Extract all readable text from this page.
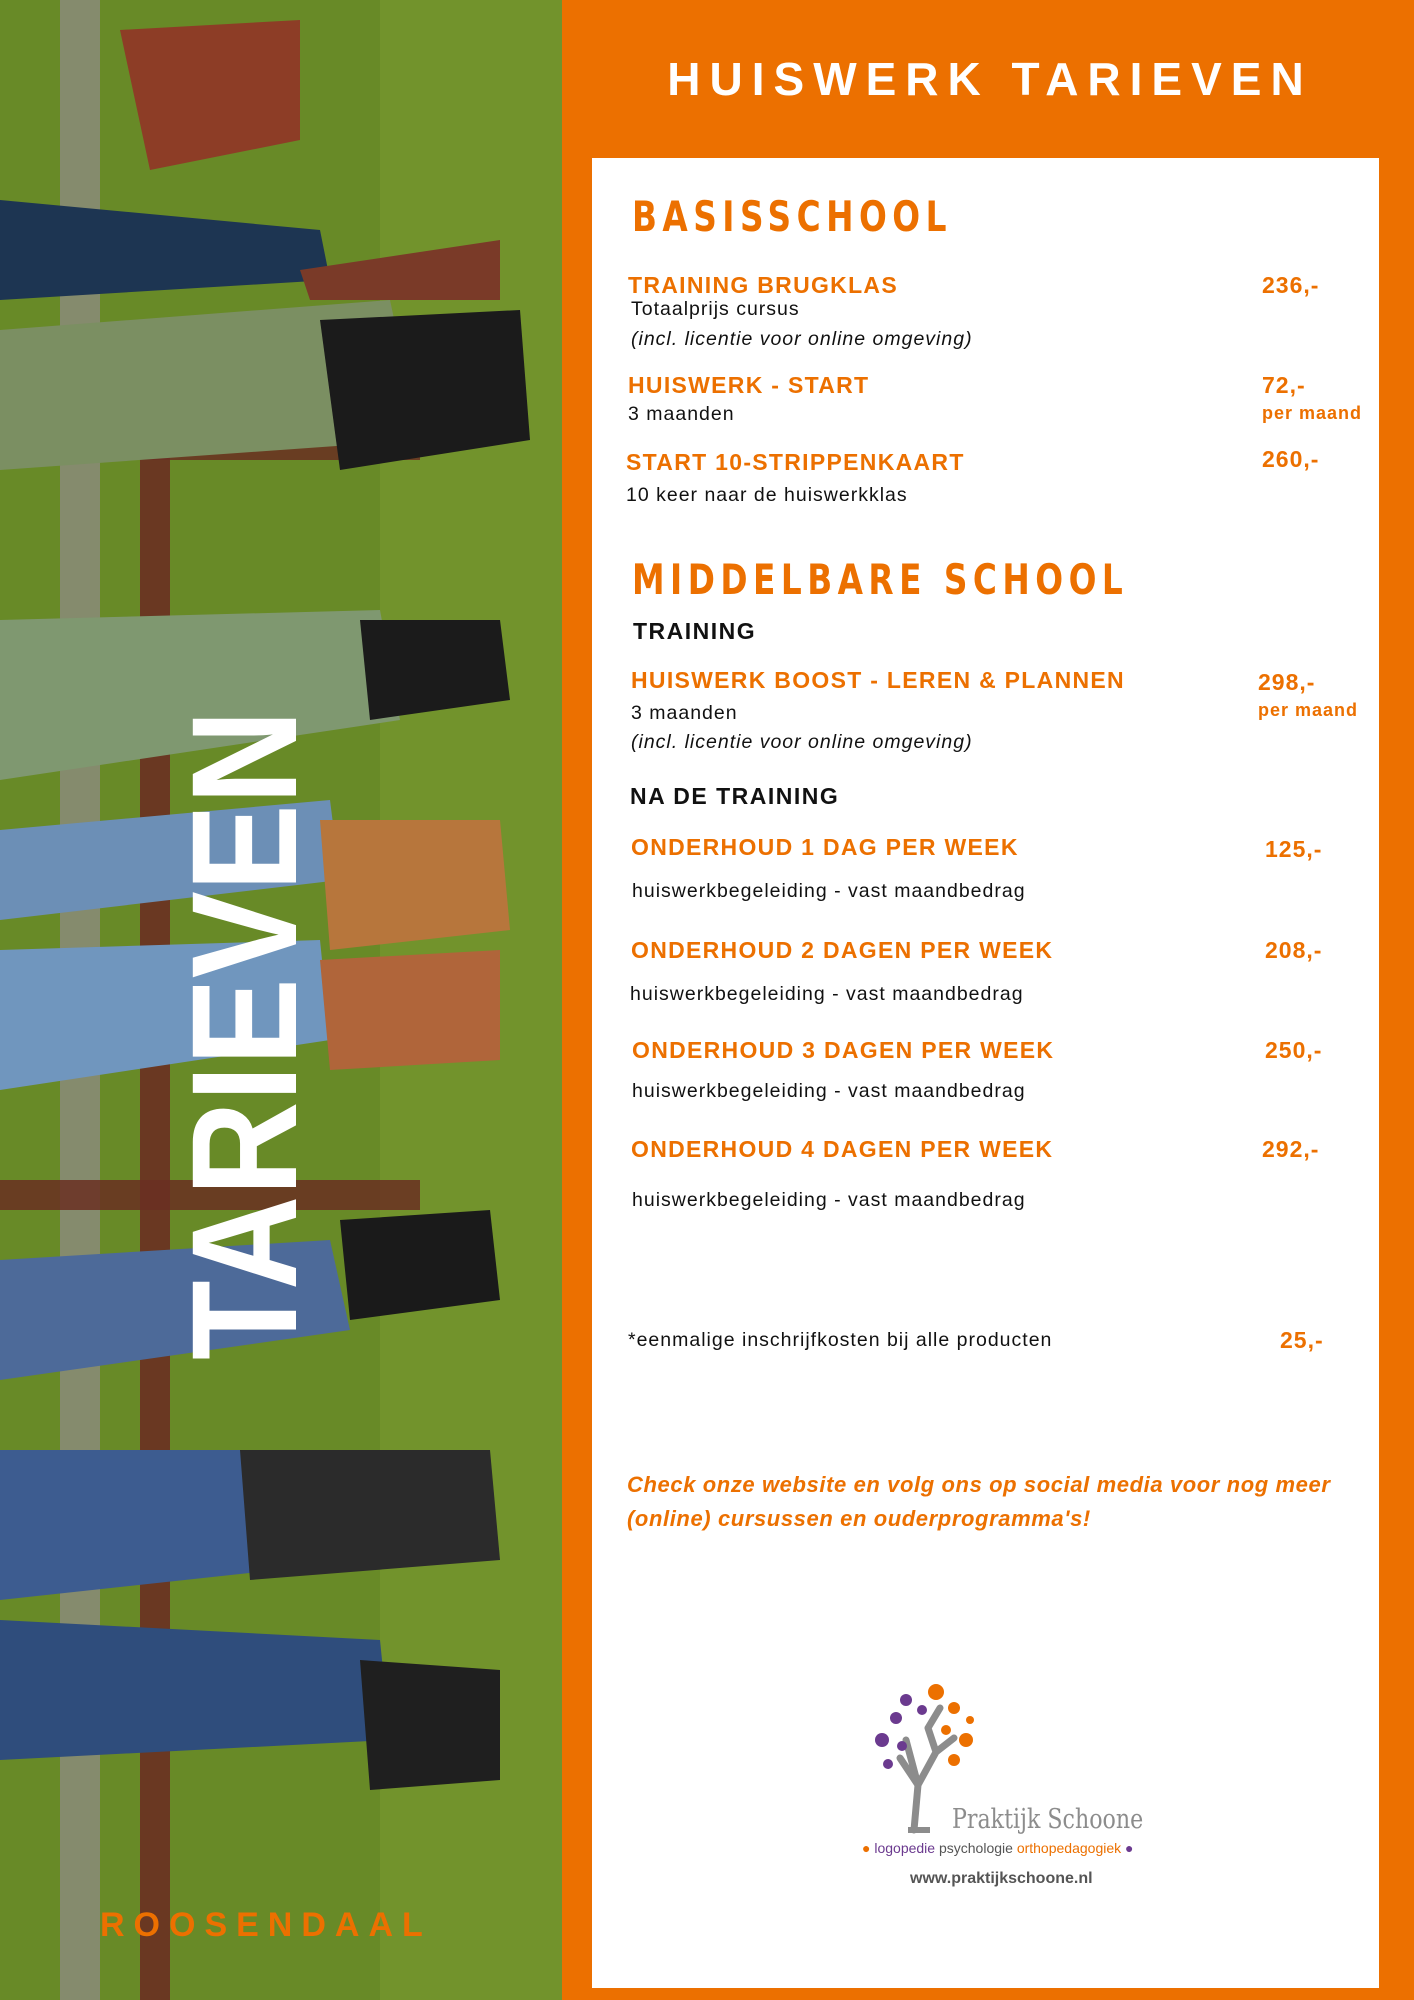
TARIEVEN
ROOSENDAAL
HUISWERK TARIEVEN
BASISSCHOOL
TRAINING BRUGKLAS	236,-
Totaalprijs cursus
(incl. licentie voor online omgeving)
HUISWERK - START	72,-
per maand
3 maanden
START 10-STRIPPENKAART	260,-
10 keer naar de huiswerkklas
MIDDELBARE SCHOOL
TRAINING
HUISWERK BOOST - LEREN & PLANNEN	298,-
per maand
3 maanden
(incl. licentie voor online omgeving)
NA DE TRAINING
ONDERHOUD 1 DAG PER WEEK	125,-
huiswerkbegeleiding - vast maandbedrag
ONDERHOUD 2 DAGEN PER WEEK	208,-
huiswerkbegeleiding - vast maandbedrag
ONDERHOUD 3 DAGEN PER WEEK	250,-
huiswerkbegeleiding - vast maandbedrag
ONDERHOUD 4 DAGEN PER WEEK	292,-
huiswerkbegeleiding - vast maandbedrag
*eenmalige inschrijfkosten bij alle producten	25,-
Check onze website en volg ons op social media voor nog meer (online) cursussen en ouderprogramma's!
Praktijk Schoone
● logopedie psychologie orthopedagogiek ●
www.praktijkschoone.nl
